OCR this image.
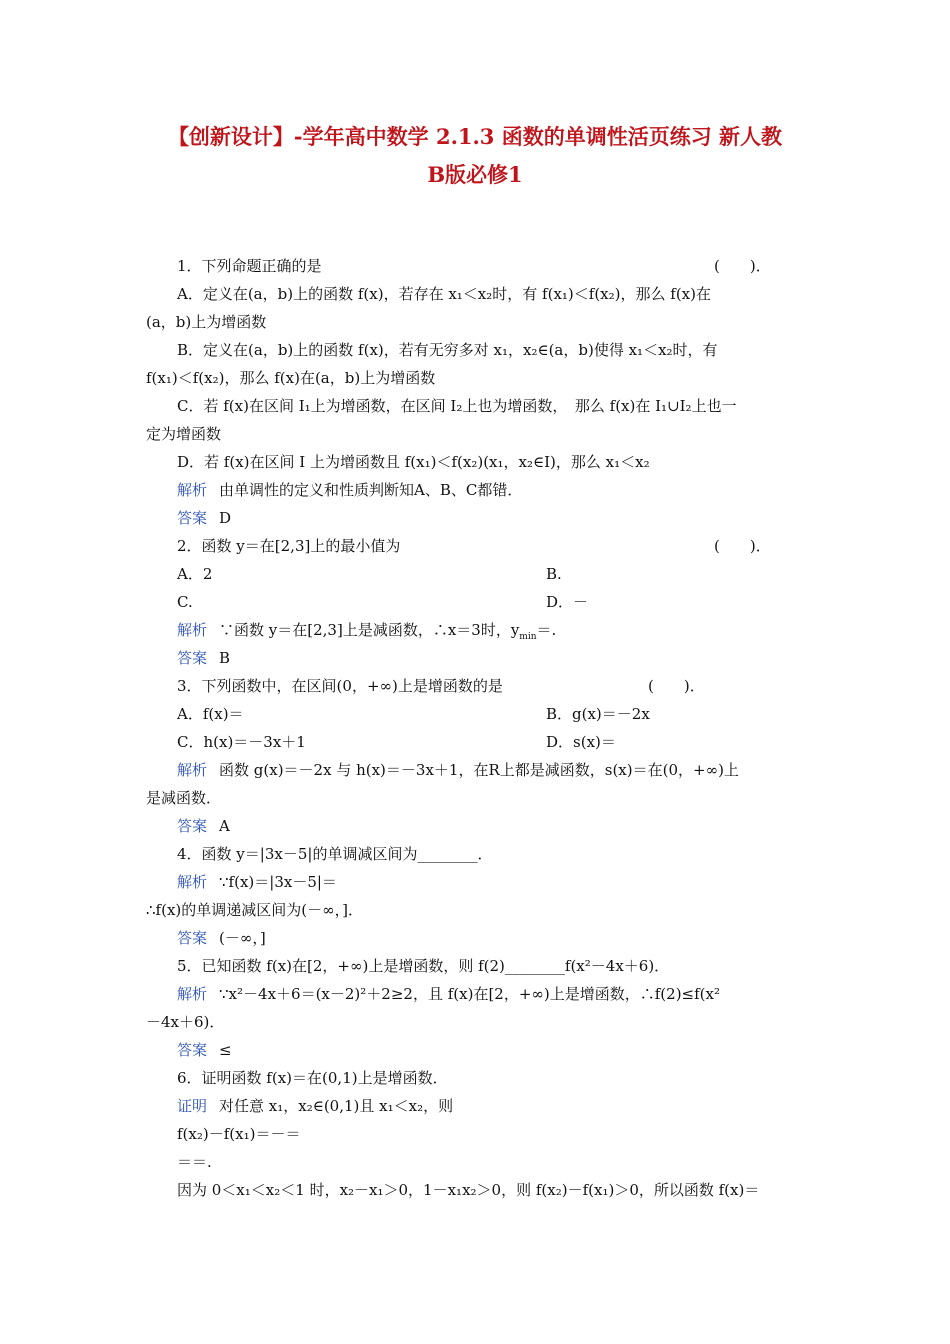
【创新设计】-学年高中数学 2.1.3 函数的单调性活页练习 新人教
B版必修1
1．下列命题正确的是	(　　)．
A．定义在(a，b)上的函数 f(x)，若存在 x₁＜x₂时，有 f(x₁)＜f(x₂)，那么 f(x)在
(a，b)上为增函数
B．定义在(a，b)上的函数 f(x)，若有无穷多对 x₁，x₂∈(a，b)使得 x₁＜x₂时，有
f(x₁)＜f(x₂)，那么 f(x)在(a，b)上为增函数
C．若 f(x)在区间 I₁上为增函数，在区间 I₂上也为增函数，　那么 f(x)在 I₁∪I₂上也一
定为增函数
D．若 f(x)在区间 I 上为增函数且 f(x₁)＜f(x₂)(x₁，x₂∈I)，那么 x₁＜x₂
解析 由单调性的定义和性质判断知A、B、C都错．
答案 D
2．函数 y＝在[2,3]上的最小值为	(　　)．
A．2	B.
C.	D．－
解析 ∵函数 y＝在[2,3]上是减函数，∴x＝3时，$y_{min}=$.
答案 B
3．下列函数中，在区间(0，+∞)上是增函数的是	(　　)．
A．f(x)＝	B．g(x)＝－2x
C．h(x)＝－3x＋1	D．s(x)＝
解析 函数 g(x)＝－2x 与 h(x)＝－3x＋1，在R上都是减函数，s(x)＝在(0，+∞)上
是减函数．
答案 A
4．函数 y＝|3x－5|的单调减区间为________．
解析 ∵f(x)＝|3x－5|＝
∴f(x)的单调递减区间为(－∞，]．
答案 (－∞，]
5．已知函数 f(x)在[2，+∞)上是增函数，则 f(2)________f(x²－4x＋6)．
解析 ∵x²－4x＋6＝(x－2)²＋2≥2，且 f(x)在[2，+∞)上是增函数，∴f(2)≤f(x²
－4x＋6)．
答案 ≤
6．证明函数 f(x)＝在(0,1)上是增函数．
证明 对任意 x₁，x₂∈(0,1)且 x₁＜x₂，则
f(x₂)－f(x₁)＝－＝
＝＝.
因为 0＜x₁＜x₂＜1 时，x₂－x₁＞0，1－x₁x₂＞0，则 f(x₂)－f(x₁)＞0，所以函数 f(x)＝
